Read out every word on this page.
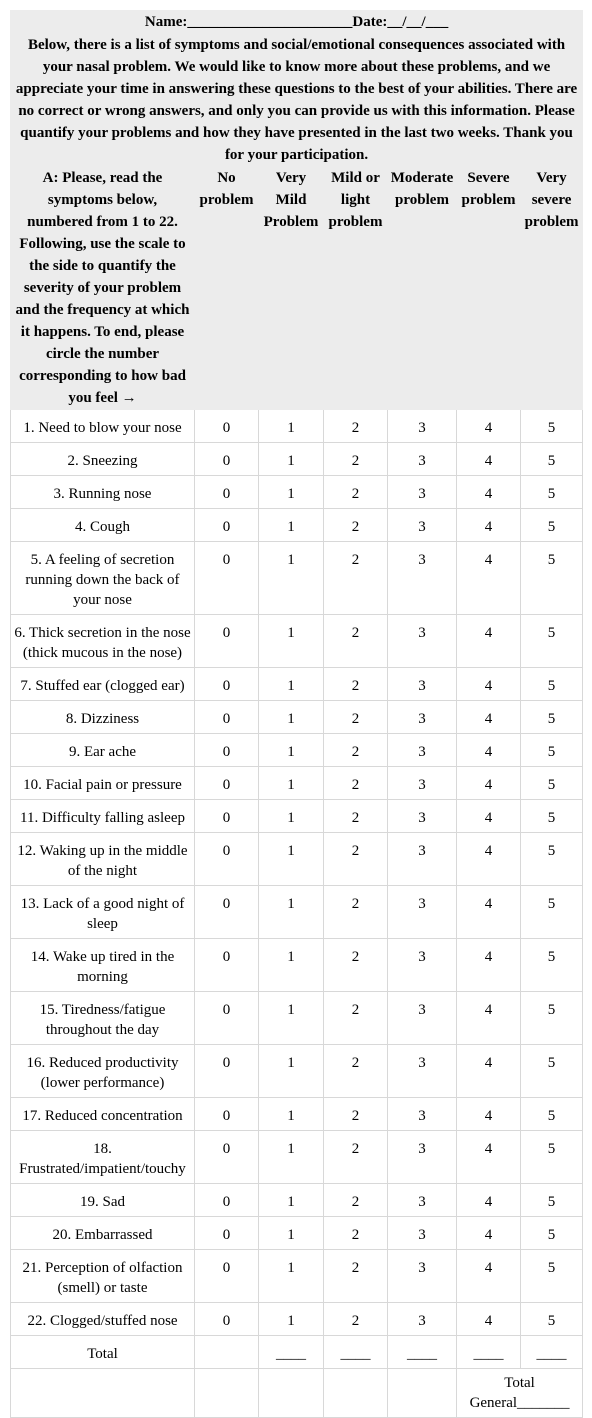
Name:______________________Date:__/__/___						
Below, there is a list of symptoms and social/emotional consequences associated with your nasal problem. We would like to know more about these problems, and we appreciate your time in answering these questions to the best of your abilities. There are no correct or wrong answers, and only you can provide us with this information. Please quantify your problems and how they have presented in the last two weeks. Thank you for your participation.						
A: Please, read the symptoms below, numbered from 1 to 22. Following, use the scale to the side to quantify the severity of your problem and the frequency at which it happens. To end, please circle the number corresponding to how bad you feel →	No problem	Very Mild Problem	Mild or light problem	Moderate problem	Severe problem	Very severe problem
1. Need to blow your nose	0	1	2	3	4	5
2. Sneezing	0	1	2	3	4	5
3. Running nose	0	1	2	3	4	5
4. Cough	0	1	2	3	4	5
5. A feeling of secretion running down the back of your nose	0	1	2	3	4	5
6. Thick secretion in the nose (thick mucous in the nose)	0	1	2	3	4	5
7. Stuffed ear (clogged ear)	0	1	2	3	4	5
8. Dizziness	0	1	2	3	4	5
9. Ear ache	0	1	2	3	4	5
10. Facial pain or pressure	0	1	2	3	4	5
11. Difficulty falling asleep	0	1	2	3	4	5
12. Waking up in the middle of the night	0	1	2	3	4	5
13. Lack of a good night of sleep	0	1	2	3	4	5
14. Wake up tired in the morning	0	1	2	3	4	5
15. Tiredness/fatigue throughout the day	0	1	2	3	4	5
16. Reduced productivity (lower performance)	0	1	2	3	4	5
17. Reduced concentration	0	1	2	3	4	5
18. Frustrated/impatient/touchy	0	1	2	3	4	5
19. Sad	0	1	2	3	4	5
20. Embarrassed	0	1	2	3	4	5
21. Perception of olfaction (smell) or taste	0	1	2	3	4	5
22. Clogged/stuffed nose	0	1	2	3	4	5
Total		____	____	____	____	____
					Total General_______	
